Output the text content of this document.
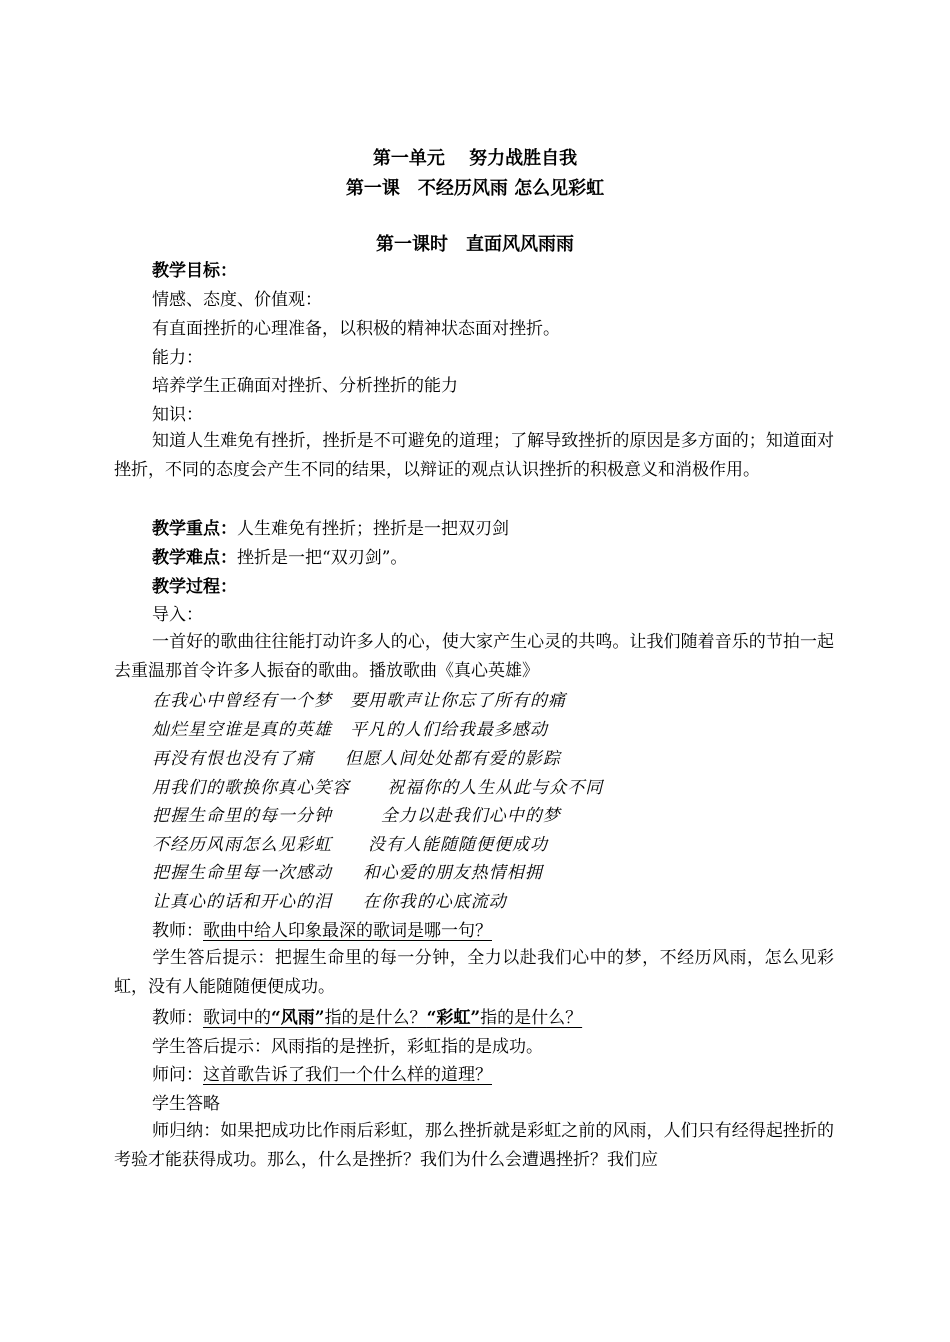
第一单元　 努力战胜自我
第一课　不经历风雨 怎么见彩虹
第一课时　直面风风雨雨
教学目标：
情感、态度、价值观：
有直面挫折的心理准备，以积极的精神状态面对挫折。
能力：
培养学生正确面对挫折、分析挫折的能力
知识：
知道人生难免有挫折，挫折是不可避免的道理；了解导致挫折的原因是多方面的；知道面对挫折，不同的态度会产生不同的结果，以辩证的观点认识挫折的积极意义和消极作用。
教学重点：人生难免有挫折；挫折是一把双刃剑
教学难点：挫折是一把“双刃剑”。
教学过程：
导入：
一首好的歌曲往往能打动许多人的心，使大家产生心灵的共鸣。让我们随着音乐的节拍一起去重温那首令许多人振奋的歌曲。播放歌曲《真心英雄》
在我心中曾经有一个梦　要用歌声让你忘了所有的痛
灿烂星空谁是真的英雄　平凡的人们给我最多感动
再没有恨也没有了痛　  但愿人间处处都有爱的影踪
用我们的歌换你真心笑容　   祝福你的人生从此与众不同
把握生命里的每一分钟　　  全力以赴我们心中的梦
不经历风雨怎么见彩虹　　没有人能随随便便成功
把握生命里每一次感动　  和心爱的朋友热情相拥
让真心的话和开心的泪　  在你我的心底流动
教师：歌曲中给人印象最深的歌词是哪一句？
学生答后提示：把握生命里的每一分钟，全力以赴我们心中的梦，不经历风雨，怎么见彩虹，没有人能随随便便成功。
教师：歌词中的“风雨”指的是什么？“彩虹”指的是什么？
学生答后提示：风雨指的是挫折，彩虹指的是成功。
师问：这首歌告诉了我们一个什么样的道理？
学生答略
师归纳：如果把成功比作雨后彩虹，那么挫折就是彩虹之前的风雨，人们只有经得起挫折的考验才能获得成功。那么，什么是挫折？我们为什么会遭遇挫折？我们应
